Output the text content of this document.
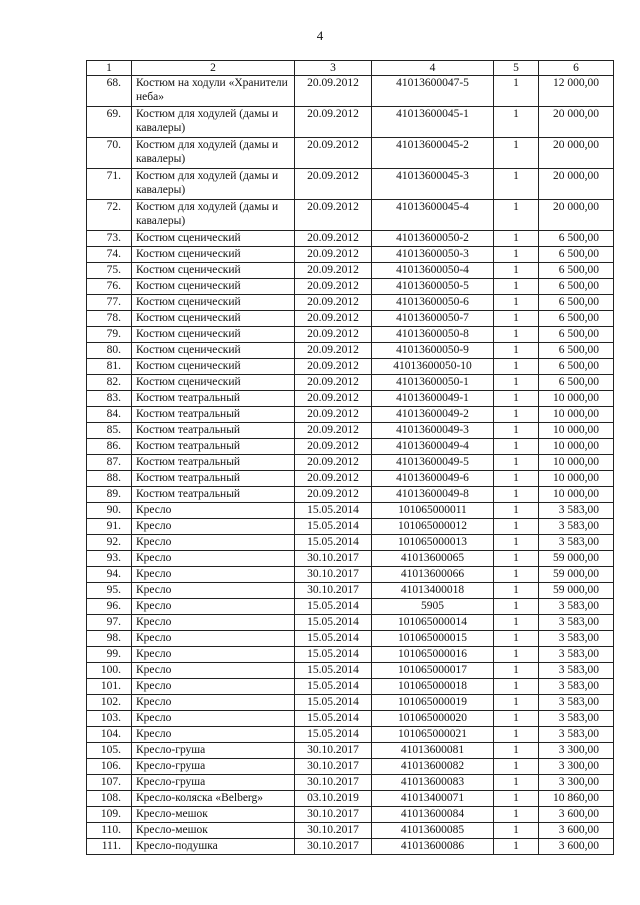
4
1	2	3	4	5	6
68.	Костюм на ходули «Хранители неба»	20.09.2012	41013600047-5	1	12 000,00
69.	Костюм для ходулей (дамы и кавалеры)	20.09.2012	41013600045-1	1	20 000,00
70.	Костюм для ходулей (дамы и кавалеры)	20.09.2012	41013600045-2	1	20 000,00
71.	Костюм для ходулей (дамы и кавалеры)	20.09.2012	41013600045-3	1	20 000,00
72.	Костюм для ходулей (дамы и кавалеры)	20.09.2012	41013600045-4	1	20 000,00
73.	Костюм сценический	20.09.2012	41013600050-2	1	6 500,00
74.	Костюм сценический	20.09.2012	41013600050-3	1	6 500,00
75.	Костюм сценический	20.09.2012	41013600050-4	1	6 500,00
76.	Костюм сценический	20.09.2012	41013600050-5	1	6 500,00
77.	Костюм сценический	20.09.2012	41013600050-6	1	6 500,00
78.	Костюм сценический	20.09.2012	41013600050-7	1	6 500,00
79.	Костюм сценический	20.09.2012	41013600050-8	1	6 500,00
80.	Костюм сценический	20.09.2012	41013600050-9	1	6 500,00
81.	Костюм сценический	20.09.2012	41013600050-10	1	6 500,00
82.	Костюм сценический	20.09.2012	41013600050-1	1	6 500,00
83.	Костюм театральный	20.09.2012	41013600049-1	1	10 000,00
84.	Костюм театральный	20.09.2012	41013600049-2	1	10 000,00
85.	Костюм театральный	20.09.2012	41013600049-3	1	10 000,00
86.	Костюм театральный	20.09.2012	41013600049-4	1	10 000,00
87.	Костюм театральный	20.09.2012	41013600049-5	1	10 000,00
88.	Костюм театральный	20.09.2012	41013600049-6	1	10 000,00
89.	Костюм театральный	20.09.2012	41013600049-8	1	10 000,00
90.	Кресло	15.05.2014	101065000011	1	3 583,00
91.	Кресло	15.05.2014	101065000012	1	3 583,00
92.	Кресло	15.05.2014	101065000013	1	3 583,00
93.	Кресло	30.10.2017	41013600065	1	59 000,00
94.	Кресло	30.10.2017	41013600066	1	59 000,00
95.	Кресло	30.10.2017	41013400018	1	59 000,00
96.	Кресло	15.05.2014	5905	1	3 583,00
97.	Кресло	15.05.2014	101065000014	1	3 583,00
98.	Кресло	15.05.2014	101065000015	1	3 583,00
99.	Кресло	15.05.2014	101065000016	1	3 583,00
100.	Кресло	15.05.2014	101065000017	1	3 583,00
101.	Кресло	15.05.2014	101065000018	1	3 583,00
102.	Кресло	15.05.2014	101065000019	1	3 583,00
103.	Кресло	15.05.2014	101065000020	1	3 583,00
104.	Кресло	15.05.2014	101065000021	1	3 583,00
105.	Кресло-груша	30.10.2017	41013600081	1	3 300,00
106.	Кресло-груша	30.10.2017	41013600082	1	3 300,00
107.	Кресло-груша	30.10.2017	41013600083	1	3 300,00
108.	Кресло-коляска «Belberg»	03.10.2019	41013400071	1	10 860,00
109.	Кресло-мешок	30.10.2017	41013600084	1	3 600,00
110.	Кресло-мешок	30.10.2017	41013600085	1	3 600,00
111.	Кресло-подушка	30.10.2017	41013600086	1	3 600,00
